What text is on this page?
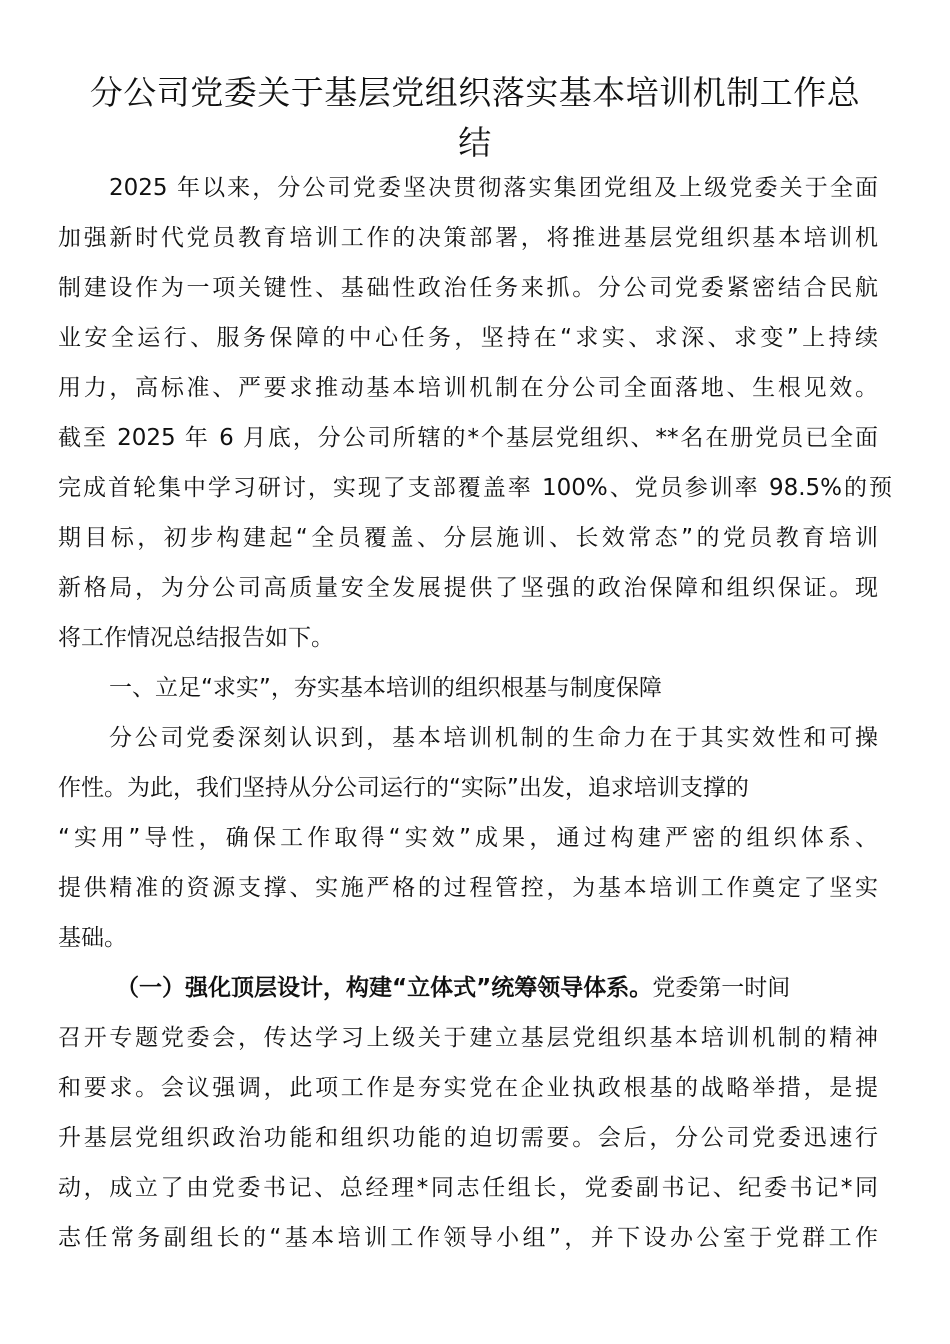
分公司党委关于基层党组织落实基本培训机制工作总
结
2025 年以来，分公司党委坚决贯彻落实集团党组及上级党委关于全面
加强新时代党员教育培训工作的决策部署，将推进基层党组织基本培训机
制建设作为一项关键性、基础性政治任务来抓。分公司党委紧密结合民航
业安全运行、服务保障的中心任务，坚持在“求实、求深、求变”上持续
用力，高标准、严要求推动基本培训机制在分公司全面落地、生根见效。
截至 2025 年 6 月底，分公司所辖的*个基层党组织、**名在册党员已全面
完成首轮集中学习研讨，实现了支部覆盖率 100%、党员参训率 98.5%的预
期目标，初步构建起“全员覆盖、分层施训、长效常态”的党员教育培训
新格局，为分公司高质量安全发展提供了坚强的政治保障和组织保证。现
将工作情况总结报告如下。
一、立足“求实”，夯实基本培训的组织根基与制度保障
分公司党委深刻认识到，基本培训机制的生命力在于其实效性和可操
作性。为此，我们坚持从分公司运行的“实际”出发，追求培训支撑的
“实用”导性，确保工作取得“实效”成果，通过构建严密的组织体系、
提供精准的资源支撑、实施严格的过程管控，为基本培训工作奠定了坚实
基础。
（一）强化顶层设计，构建“立体式”统筹领导体系。党委第一时间
召开专题党委会，传达学习上级关于建立基层党组织基本培训机制的精神
和要求。会议强调，此项工作是夯实党在企业执政根基的战略举措，是提
升基层党组织政治功能和组织功能的迫切需要。会后，分公司党委迅速行
动，成立了由党委书记、总经理*同志任组长，党委副书记、纪委书记*同
志任常务副组长的“基本培训工作领导小组”，并下设办公室于党群工作
